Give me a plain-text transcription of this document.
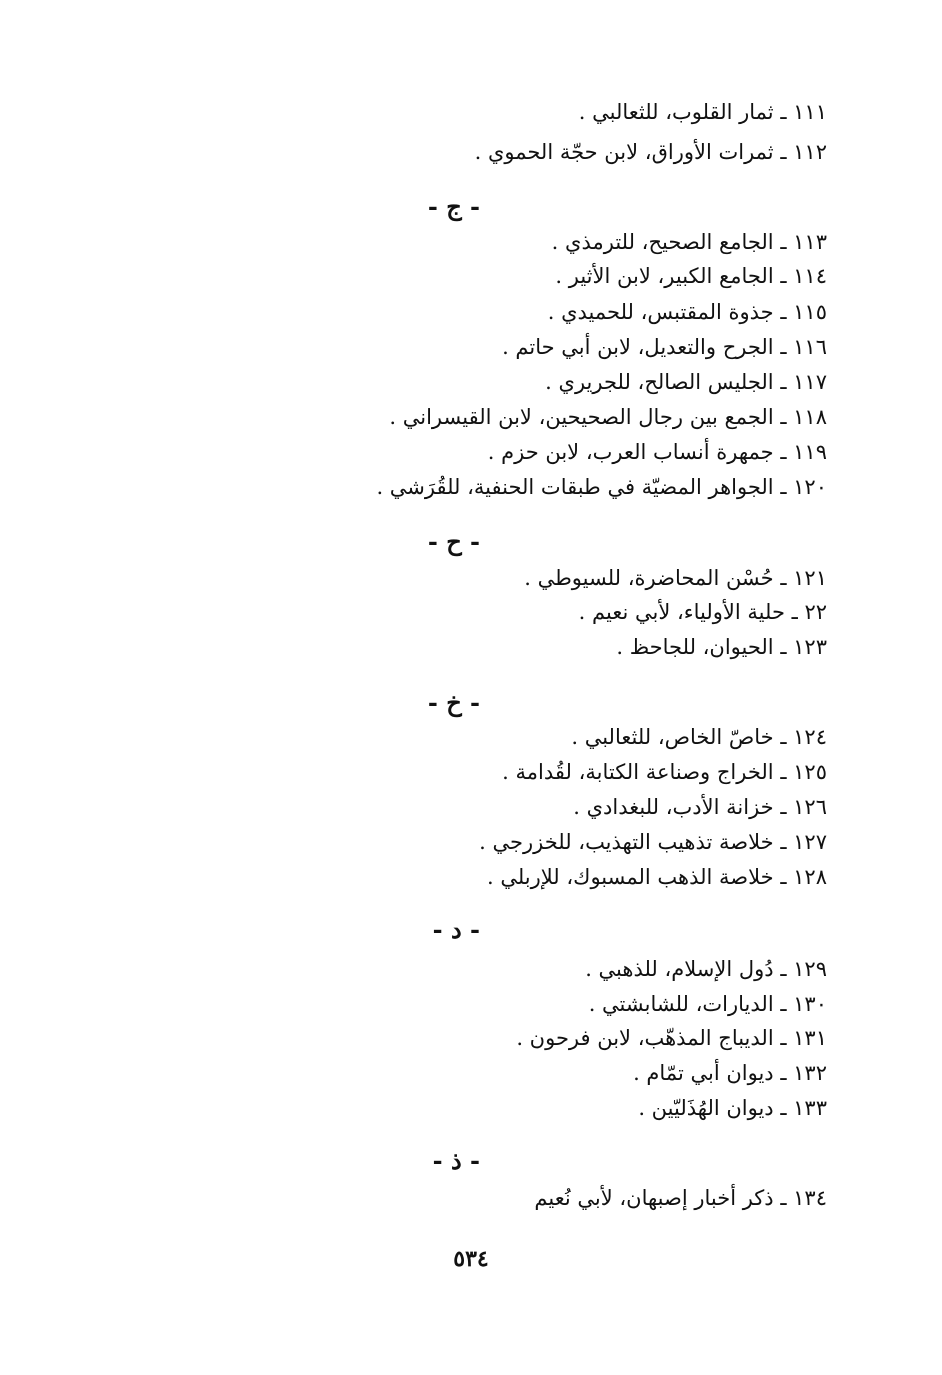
١١١ ـ ثمار القلوب، للثعالبي .
١١٢ ـ ثمرات الأوراق، لابن حجّة الحموي .
- ج -
١١٣ ـ الجامع الصحيح، للترمذي .
١١٤ ـ الجامع الكبير، لابن الأثير .
١١٥ ـ جذوة المقتبس، للحميدي .
١١٦ ـ الجرح والتعديل، لابن أبي حاتم .
١١٧ ـ الجليس الصالح، للجريري .
١١٨ ـ الجمع بين رجال الصحيحين، لابن القيسراني .
١١٩ ـ جمهرة أنساب العرب، لابن حزم .
١٢٠ ـ الجواهر المضيّة في طبقات الحنفية، للقُرَشي .
- ح -
١٢١ ـ حُسْن المحاضرة، للسيوطي .
٢٢ ـ حلية الأولياء، لأبي نعيم .
١٢٣ ـ الحيوان، للجاحظ .
- خ -
١٢٤ ـ خاصّ الخاص، للثعالبي .
١٢٥ ـ الخراج وصناعة الكتابة، لقُدامة .
١٢٦ ـ خزانة الأدب، للبغدادي .
١٢٧ ـ خلاصة تذهيب التهذيب، للخزرجي .
١٢٨ ـ خلاصة الذهب المسبوك، للإربلي .
- د -
١٢٩ ـ دُول الإسلام، للذهبي .
١٣٠ ـ الديارات، للشابشتي .
١٣١ ـ الديباج المذهّب، لابن فرحون .
١٣٢ ـ ديوان أبي تمّام .
١٣٣ ـ ديوان الهُذَليّين .
- ذ -
١٣٤ ـ ذكر أخبار إصبهان، لأبي نُعيم
٥٣٤
